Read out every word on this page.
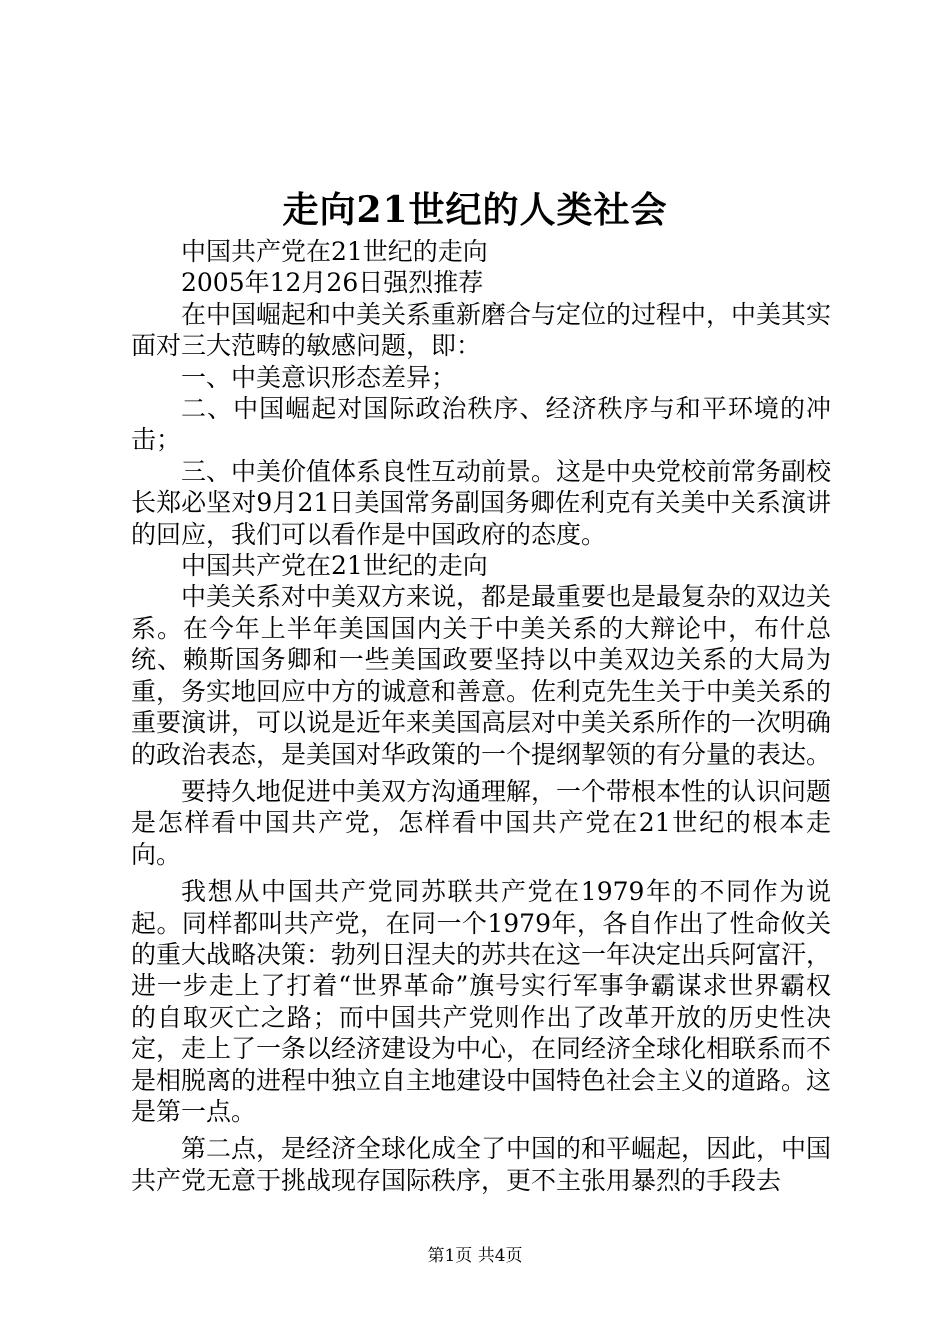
走向21世纪的人类社会

中国共产党在21世纪的走向

2005年12月26日强烈推荐

在中国崛起和中美关系重新磨合与定位的过程中，中美其实面对三大范畴的敏感问题，即：

一、中美意识形态差异；

二、中国崛起对国际政治秩序、经济秩序与和平环境的冲击；

三、中美价值体系良性互动前景。这是中央党校前常务副校长郑必坚对9月21日美国常务副国务卿佐利克有关美中关系演讲的回应，我们可以看作是中国政府的态度。

中国共产党在21世纪的走向

中美关系对中美双方来说，都是最重要也是最复杂的双边关系。在今年上半年美国国内关于中美关系的大辩论中，布什总统、赖斯国务卿和一些美国政要坚持以中美双边关系的大局为重，务实地回应中方的诚意和善意。佐利克先生关于中美关系的重要演讲，可以说是近年来美国高层对中美关系所作的一次明确的政治表态，是美国对华政策的一个提纲挈领的有分量的表达。

要持久地促进中美双方沟通理解，一个带根本性的认识问题是怎样看中国共产党，怎样看中国共产党在21世纪的根本走向。

我想从中国共产党同苏联共产党在1979年的不同作为说起。同样都叫共产党，在同一个1979年，各自作出了性命攸关的重大战略决策：勃列日涅夫的苏共在这一年决定出兵阿富汗，进一步走上了打着“世界革命”旗号实行军事争霸谋求世界霸权的自取灭亡之路；而中国共产党则作出了改革开放的历史性决定，走上了一条以经济建设为中心，在同经济全球化相联系而不是相脱离的进程中独立自主地建设中国特色社会主义的道路。这是第一点。

第二点，是经济全球化成全了中国的和平崛起，因此，中国共产党无意于挑战现存国际秩序，更不主张用暴烈的手段去

第1页 共4页
